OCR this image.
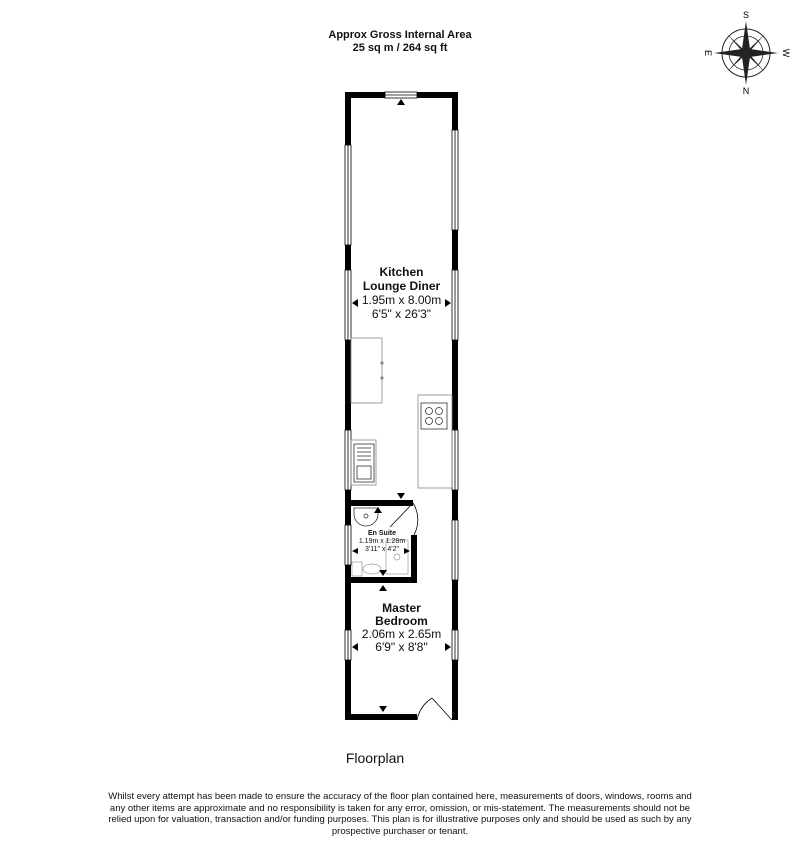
Approx Gross Internal Area
25 sq m / 264 sq ft
S
N
E	W
Kitchen
Lounge Diner
1.95m x 8.00m
6'5" x 26'3"
En Suite
1.19m x 1.28m
3'11" x 4'2"
Master
Bedroom
2.06m x 2.65m
6'9" x 8'8"
Floorplan
Whilst every attempt has been made to ensure the accuracy of the floor plan contained here, measurements of doors, windows, rooms and any other items are approximate and no responsibility is taken for any error, omission, or mis-statement. The measurements should not be relied upon for valuation, transaction and/or funding purposes. This plan is for illustrative purposes only and should be used as such by any prospective purchaser or tenant.
